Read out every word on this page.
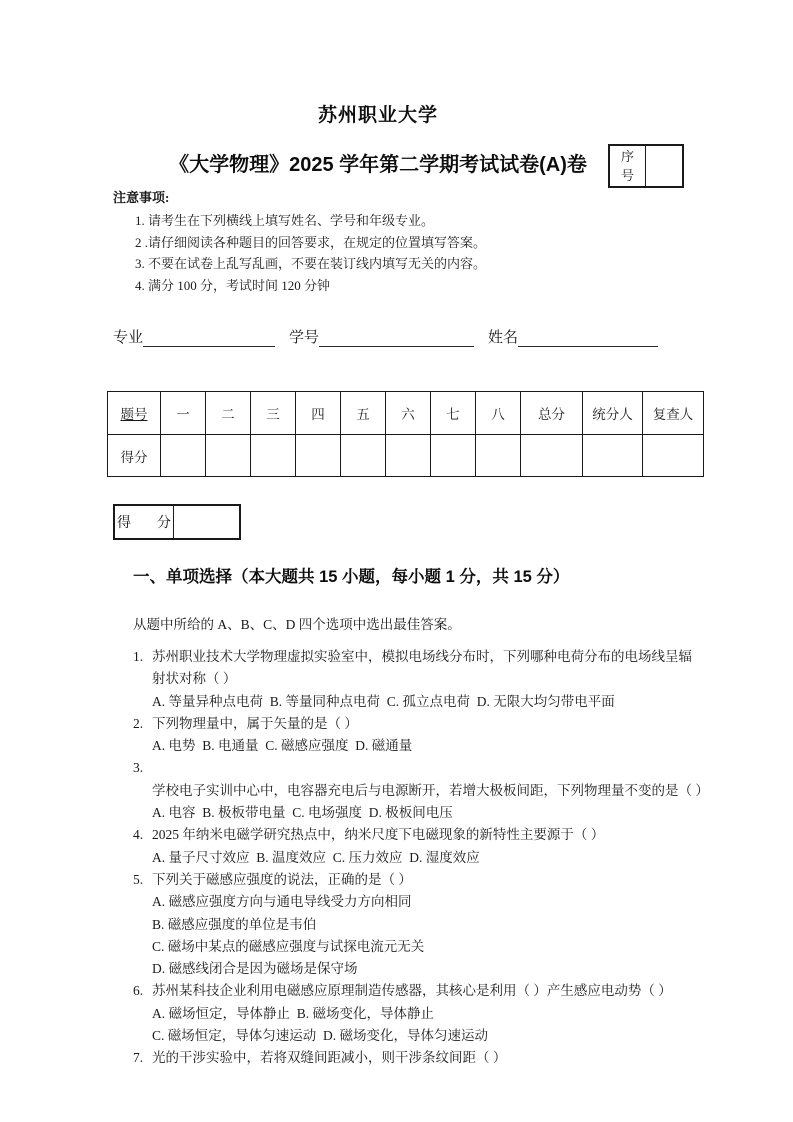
序
号
苏州职业大学
《大学物理》2025 学年第二学期考试试卷(A)卷
注意事项:
1. 请考生在下列横线上填写姓名、学号和年级专业。
2 .请仔细阅读各种题目的回答要求，在规定的位置填写答案。
3. 不要在试卷上乱写乱画，不要在装订线内填写无关的内容。
4. 满分 100 分，考试时间 120 分钟
专业	学号	姓名
题号	一	二	三	四	五	六	七	八	总分	统分人	复查人
得分											
得　分
一、单项选择（本大题共 15 小题，每小题 1 分，共 15 分）
从题中所给的 A、B、C、D 四个选项中选出最佳答案。
1. 苏州职业技术大学物理虚拟实验室中，模拟电场线分布时，下列哪种电荷分布的电场线呈辐射状对称（ ）
A. 等量异种点电荷  B. 等量同种点电荷  C. 孤立点电荷  D. 无限大均匀带电平面
2. 下列物理量中，属于矢量的是（ ）
A. 电势  B. 电通量  C. 磁感应强度  D. 磁通量
3.学校电子实训中心中，电容器充电后与电源断开，若增大极板间距，下列物理量不变的是（ ）
A. 电容  B. 极板带电量  C. 电场强度  D. 极板间电压
4. 2025 年纳米电磁学研究热点中，纳米尺度下电磁现象的新特性主要源于（ ）
A. 量子尺寸效应  B. 温度效应  C. 压力效应  D. 湿度效应
5. 下列关于磁感应强度的说法，正确的是（ ）
A. 磁感应强度方向与通电导线受力方向相同
B. 磁感应强度的单位是韦伯
C. 磁场中某点的磁感应强度与试探电流元无关
D. 磁感线闭合是因为磁场是保守场
6. 苏州某科技企业利用电磁感应原理制造传感器，其核心是利用（ ）产生感应电动势（ ）
A. 磁场恒定，导体静止  B. 磁场变化，导体静止
C. 磁场恒定，导体匀速运动  D. 磁场变化，导体匀速运动
7. 光的干涉实验中，若将双缝间距减小，则干涉条纹间距（ ）
